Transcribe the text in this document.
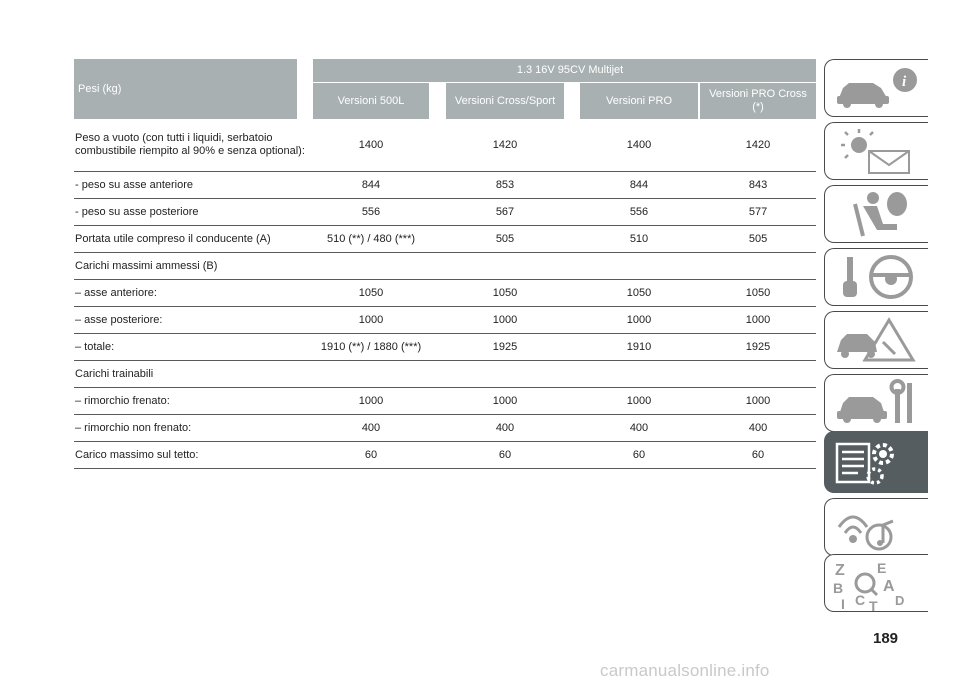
Pesi (kg)		1.3 16V 95CV Multijet						
		Versioni 500L		Versioni Cross/Sport		Versioni PRO		Versioni PRO Cross (*)
Peso a vuoto (con tutti i liquidi, serbatoio combustibile riempito al 90% e senza optional):		1400		1420		1400		1420
- peso su asse anteriore		844		853		844		843
- peso su asse posteriore		556		567		556		577
Portata utile compreso il conducente (A)		510 (**) / 480 (***)		505		510		505
Carichi massimi ammessi (B)								
– asse anteriore:		1050		1050		1050		1050
– asse posteriore:		1000		1000		1000		1000
– totale:		1910 (**) / 1880 (***)		1925		1910		1925
Carichi trainabili								
– rimorchio frenato:		1000		1000		1000		1000
– rimorchio non frenato:		400		400		400		400
Carico massimo sul tetto:		60		60		60		60
i
Z E
B A
I C T D
189
carmanualsonline.info
